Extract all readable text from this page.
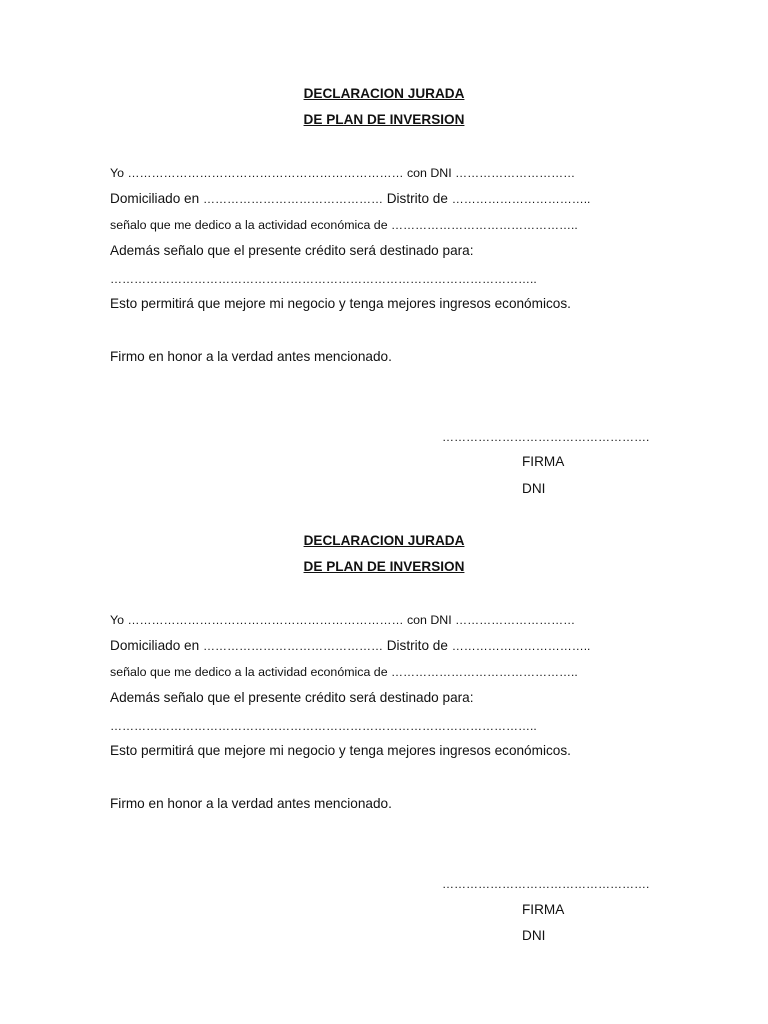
DECLARACION JURADA
DE PLAN DE INVERSION
Yo …………………………………………………………… con DNI …………………………
Domiciliado en ……………………………………… Distrito de ……………………………..
señalo que me dedico a la actividad económica de ………………………………………..
Además señalo que el presente crédito será destinado para:
……………………………………………………………………………………………..
Esto permitirá que mejore mi negocio y tenga mejores ingresos económicos.
Firmo en honor a la verdad antes mencionado.
…………………………………………….
FIRMA
DNI
DECLARACION JURADA
DE PLAN DE INVERSION
Yo …………………………………………………………… con DNI …………………………
Domiciliado en ……………………………………… Distrito de ……………………………..
señalo que me dedico a la actividad económica de ………………………………………..
Además señalo que el presente crédito será destinado para:
……………………………………………………………………………………………..
Esto permitirá que mejore mi negocio y tenga mejores ingresos económicos.
Firmo en honor a la verdad antes mencionado.
…………………………………………….
FIRMA
DNI
